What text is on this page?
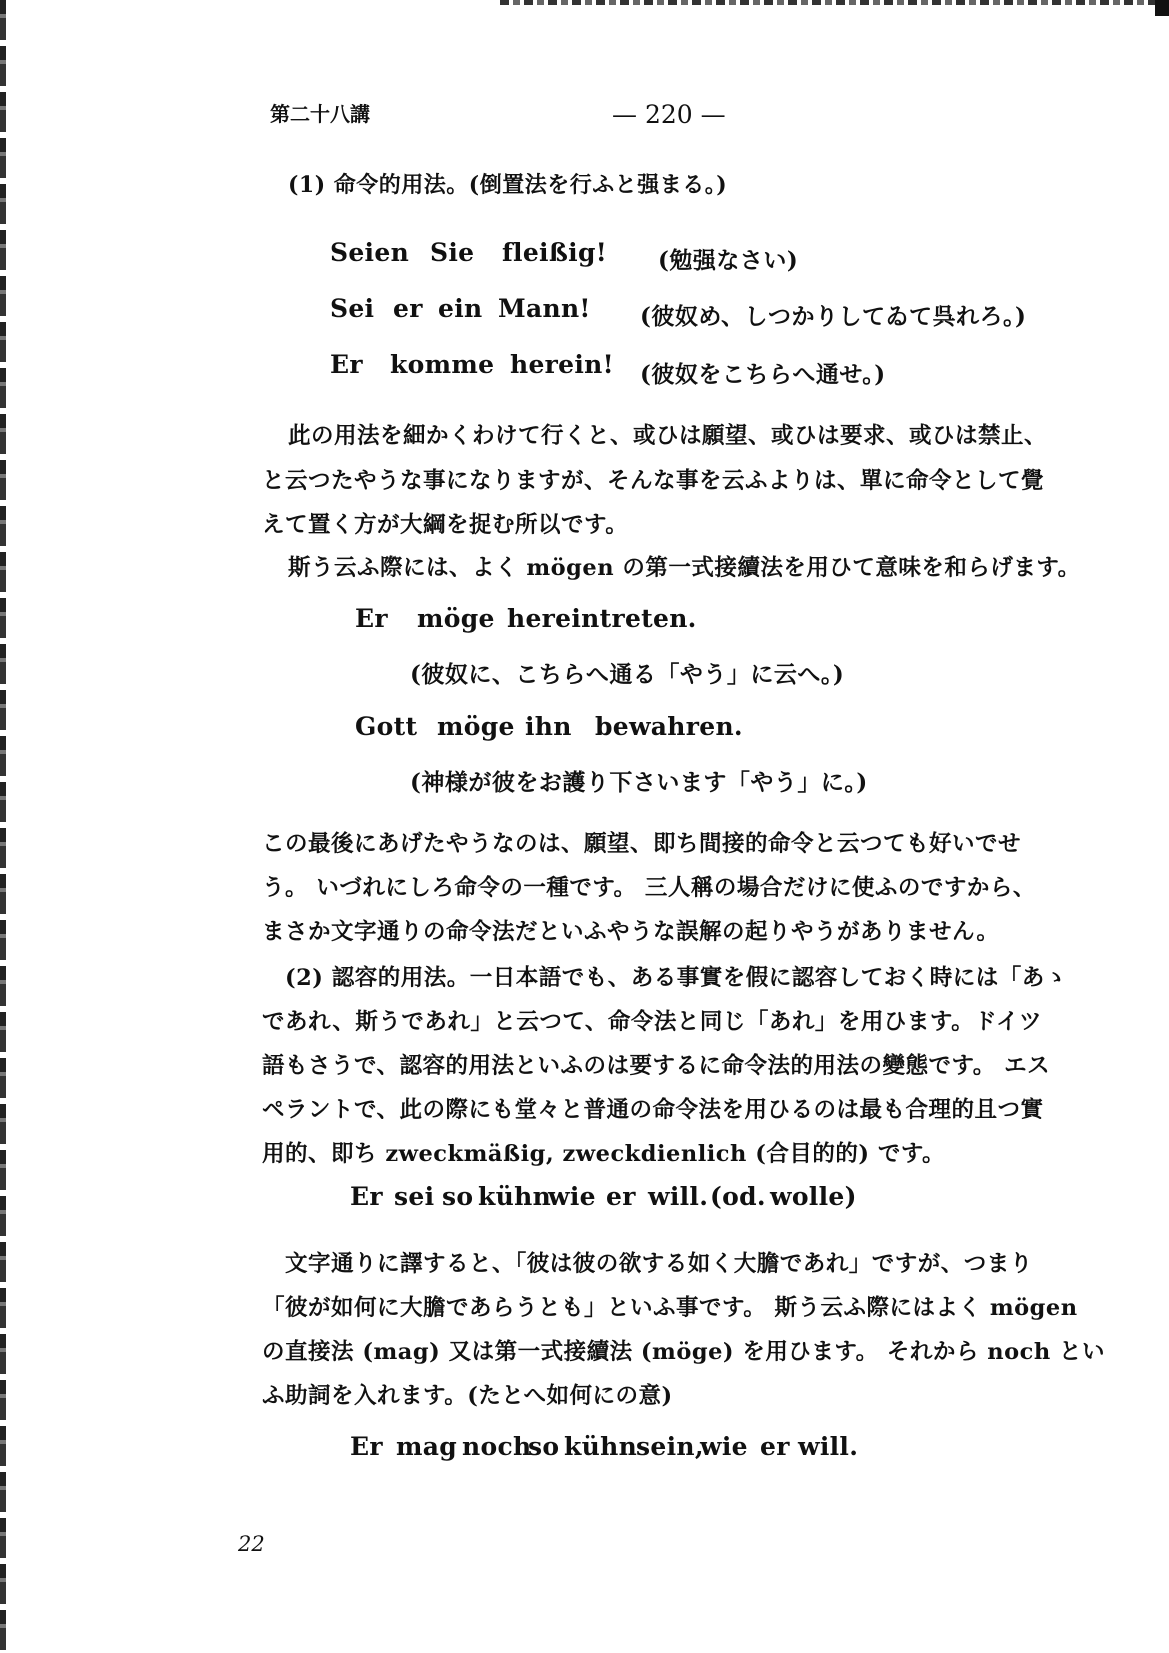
第二十八講	— 220 —
(1) 命令的用法。(倒置法を行ふと强まる。)
Seien Sie fleißig! (勉强なさい)
Sei er ein Mann! (彼奴め、しつかりしてゐて呉れろ。)
Er komme herein! (彼奴をこちらへ通せ。)
此の用法を細かくわけて行くと、或ひは願望、或ひは要求、或ひは禁止、
と云つたやうな事になりますが、そんな事を云ふよりは、單に命令として覺
えて置く方が大綱を捉む所以です。
斯う云ふ際には、よく mögen の第一式接續法を用ひて意味を和らげます。
Er möge hereintreten.
(彼奴に、こちらへ通る「やう」に云へ。)
Gott möge ihn bewahren.
(神様が彼をお護り下さいます「やう」に。)
この最後にあげたやうなのは、願望、即ち間接的命令と云つても好いでせ
う。 いづれにしろ命令の一種です。 三人稱の場合だけに使ふのですから、
まさか文字通りの命令法だといふやうな誤解の起りやうがありません。
(2) 認容的用法。一日本語でも、ある事實を假に認容しておく時には「あゝ
であれ、斯うであれ」と云つて、命令法と同じ「あれ」を用ひます。ドイツ
語もさうで、認容的用法といふのは要するに命令法的用法の變態です。 エス
ペラントで、此の際にも堂々と普通の命令法を用ひるのは最も合理的且つ實
用的、即ち zweckmäßig, zweckdienlich (合目的的) です。
Er sei so kühn
wie er will. (od. wolle)
文字通りに譯すると、「彼は彼の欲する如く大膽であれ」ですが、つまり
「彼が如何に大膽であらうとも」といふ事です。 斯う云ふ際にはよく mögen
の直接法 (mag) 又は第一式接續法 (möge) を用ひます。 それから noch とい
ふ助詞を入れます。(たとへ如何にの意)
Er mag noch
so kühn
sein,
wie er will.
22
